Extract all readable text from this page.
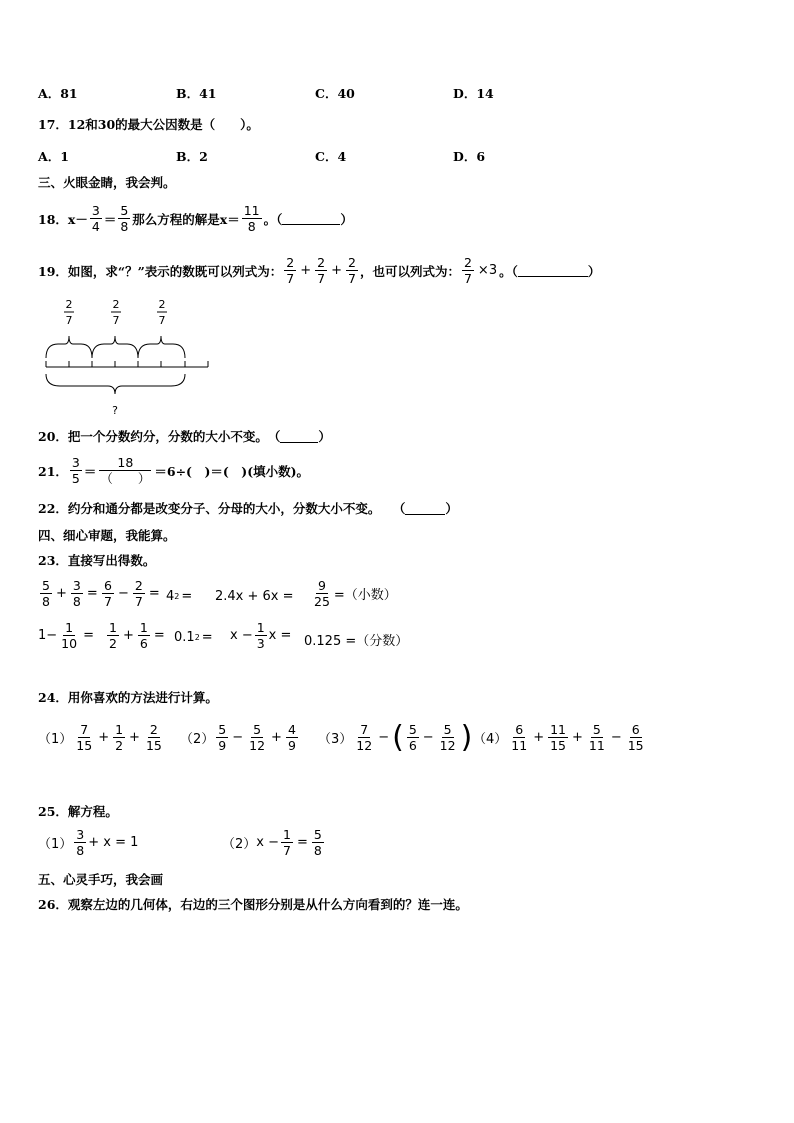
A．81	B．41	C．40	D．14
17．12和30的最大公因数是（　　）。
A．1	B．2	C．4	D．6
三、火眼金睛，我会判。
18．$x- \frac{3}{4} = \frac{5}{8}$ 那么方程的解是$x= \frac{11}{8}$ 。（	）
19．如图，求“？”表示的数既可以列式为： $\frac{2}{7} + \frac{2}{7} + \frac{2}{7}$ ，也可以列式为： $\frac{2}{7} \times 3$ 。（	）
2
7
2
7
2
7
?
20．把一个分数约分，分数的大小不变。　（	）
21． $\frac{3}{5} = \frac{18}{( )} =6\div$(　)＝(　)(填小数)。
22．约分和通分都是改变分子、分母的大小，分数大小不变。　　（	）
四、细心审题，我能算。
23．直接写出得数。
$\frac{5}{8} + \frac{3}{8} = \frac{6}{7} - \frac{2}{7} = 4$ $2 = 2.4x + 6x = \frac{9}{25}$ =（小数）
$1- \frac{1}{10} = \frac{1}{2} + \frac{1}{6} = 0.1$ $2 = x - \frac{1}{3}$ x = 0.125 =（分数）
24．用你喜欢的方法进行计算。
$(1) \frac{7}{15} + \frac{1}{2} + \frac{2}{15} (2) \frac{5}{9} - \frac{5}{12} + \frac{4}{9} (3) \frac{7}{12}$ − ( $\frac{5}{6} - \frac{5}{12}$ ) $(4) \frac{6}{11} + \frac{11}{15} + \frac{5}{11} - \frac{6}{15}$
25．解方程。
$(1) \frac{3}{8} + x = 1$	（2） $x - \frac{1}{7} = \frac{5}{8}$
五、心灵手巧，我会画
26．观察左边的几何体，右边的三个图形分别是从什么方向看到的？连一连。
